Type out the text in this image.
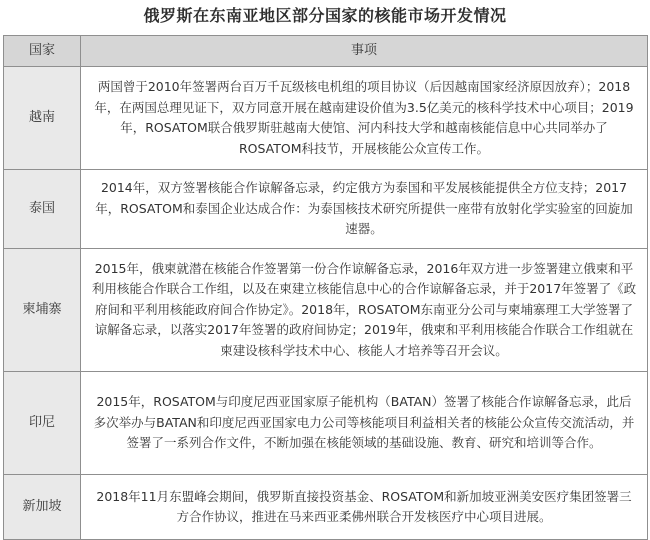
俄罗斯在东南亚地区部分国家的核能市场开发情况
国家	事项
越南	两国曾于2010年签署两台百万千瓦级核电机组的项目协议（后因越南国家经济原因放弃）；2018年，在两国总理见证下，双方同意开展在越南建设价值为3.5亿美元的核科学技术中心项目；2019年，ROSATOM联合俄罗斯驻越南大使馆、河内科技大学和越南核能信息中心共同举办了ROSATOM科技节，开展核能公众宣传工作。
泰国	2014年，双方签署核能合作谅解备忘录，约定俄方为泰国和平发展核能提供全方位支持；2017年，ROSATOM和泰国企业达成合作：为泰国核技术研究所提供一座带有放射化学实验室的回旋加速器。
柬埔寨	2015年，俄柬就潜在核能合作签署第一份合作谅解备忘录，2016年双方进一步签署建立俄柬和平利用核能合作联合工作组，以及在柬建立核能信息中心的合作谅解备忘录，并于2017年签署了《政府间和平利用核能政府间合作协定》。2018年，ROSATOM东南亚分公司与柬埔寨理工大学签署了谅解备忘录，以落实2017年签署的政府间协定；2019年，俄柬和平利用核能合作联合工作组就在柬建设核科学技术中心、核能人才培养等召开会议。
印尼	2015年，ROSATOM与印度尼西亚国家原子能机构（BATAN）签署了核能合作谅解备忘录，此后多次举办与BATAN和印度尼西亚国家电力公司等核能项目利益相关者的核能公众宣传交流活动，并签署了一系列合作文件，不断加强在核能领域的基础设施、教育、研究和培训等合作。
新加坡	2018年11月东盟峰会期间，俄罗斯直接投资基金、ROSATOM和新加坡亚洲美安医疗集团签署三方合作协议，推进在马来西亚柔佛州联合开发核医疗中心项目进展。
